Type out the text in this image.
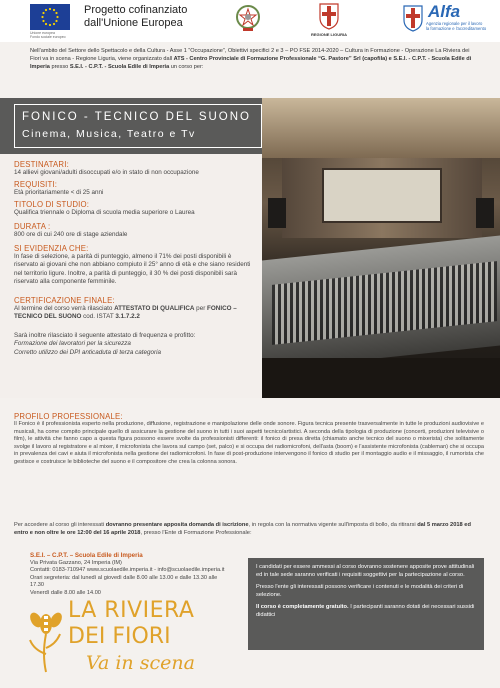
Unione europea
Fondo sociale europeo
Progetto cofinanziato
dall'Unione Europea
REGIONE LIGURIA
Alfa
Agenzia regionale per il lavoro
la formazione e l'accreditamento
Nell'ambito del Settore dello Spettacolo e della Cultura - Asse 1 “Occupazione”, Obiettivi specifici 2 e 3 – PO FSE 2014-2020 – Cultura in Formazione - Operazione La Riviera dei Fiori va in scena - Regione Liguria, viene organizzato dall ATS - Centro Provinciale di Formazione Professionale “G. Pastore” Srl (capofila) e S.E.I. - C.P.T. - Scuola Edile di Imperia presso S.E.I. - C.P.T. - Scuola Edile di Imperia un corso per:
FONICO - TECNICO DEL SUONO
Cinema, Musica, Teatro e Tv
DESTINATARI:
14 allievi giovani/adulti disoccupati e/o in stato di non occupazione
REQUISITI:
Età prioritariamente < di 25 anni
TITOLO DI STUDIO:
Qualifica triennale o Diploma di scuola media superiore o Laurea
DURATA :
800 ore di cui 240 ore di stage aziendale
SI EVIDENZIA CHE:
In fase di selezione, a parità di punteggio, almeno il 71% dei posti disponibili è riservato ai giovani che non abbiano compiuto il 25° anno di età e che siano residenti nel territorio ligure. Inoltre, a parità di punteggio, il 30 % dei posti disponibili sarà riservato alla componente femminile.
CERTIFICAZIONE FINALE:
Al termine del corso verrà rilasciato ATTESTATO DI QUALIFICA per FONICO – TECNICO DEL SUONO cod. ISTAT 3.1.7.2.2
Sarà inoltre rilasciato il seguente attestato di frequenza e profitto:
Formazione dei lavoratori per la sicurezza
Corretto utilizzo dei DPI anticaduta di terza categoria
PROFILO PROFESSIONALE:
Il Fonico è il professionista esperto nella produzione, diffusione, registrazione e manipolazione delle onde sonore. Figura tecnica presente trasversalmente in tutte le produzioni audiovisive e musicali, ha come compito principale quello di assicurare la gestione del suono in tutti i suoi aspetti tecnico/artistici. A seconda della tipologia di produzione (concerti, produzioni televisive o film), le attività che fanno capo a questa figura possono essere svolte da professionisti differenti: il fonico di presa diretta (chiamato anche tecnico del suono o mixerista) che solitamente svolge il lavoro al registratore e al mixer, il microfonista che lavora sul campo (set, palco) e si occupa dei radiomicrofoni, dell'asta (boom) e l'assistente microfonista (cableman) che si occupa in prevalenza dei cavi e aiuta il microfonista nella gestione dei radiomicrofoni. In fase di post-produzione intervengono il fonico di studio per il montaggio audio e il missaggio, il rumorista che gestisce e costruisce le biblioteche del suono e il compositore che crea la colonna sonora.
Per accedere al corso gli interessati dovranno presentare apposita domanda di iscrizione, in regola con la normativa vigente sull'imposta di bollo, da ritirarsi dal 5 marzo 2018 ed entro e non oltre le ore 12:00 del 16 aprile 2018, presso l'Ente di Formazione Professionale:
S.E.I. – C.P.T. – Scuola Edile di Imperia
Via Privata Gazzano, 24 Imperia (IM)
Contatti: 0183-710947 www.scuolaedile.imperia.it - info@scuolaedile.imperia.it
Orari segreteria: dal lunedì al giovedì dalle 8.00 alle 13.00 e dalle 13.30 alle 17.30
Venerdì dalle 8.00 alle 14.00
LA RIVIERA
DEI FIORI
Va in scena

I candidati per essere ammessi al corso dovranno sostenere apposite prove attitudinali ed in tale sede saranno verificati i requisiti soggettivi per la partecipazione al corso.

Presso l'ente gli interessati possono verificare i contenuti e le modalità dei criteri di selezione.

Il corso è completamente gratuito. I partecipanti saranno dotati dei necessari sussidi didattici
